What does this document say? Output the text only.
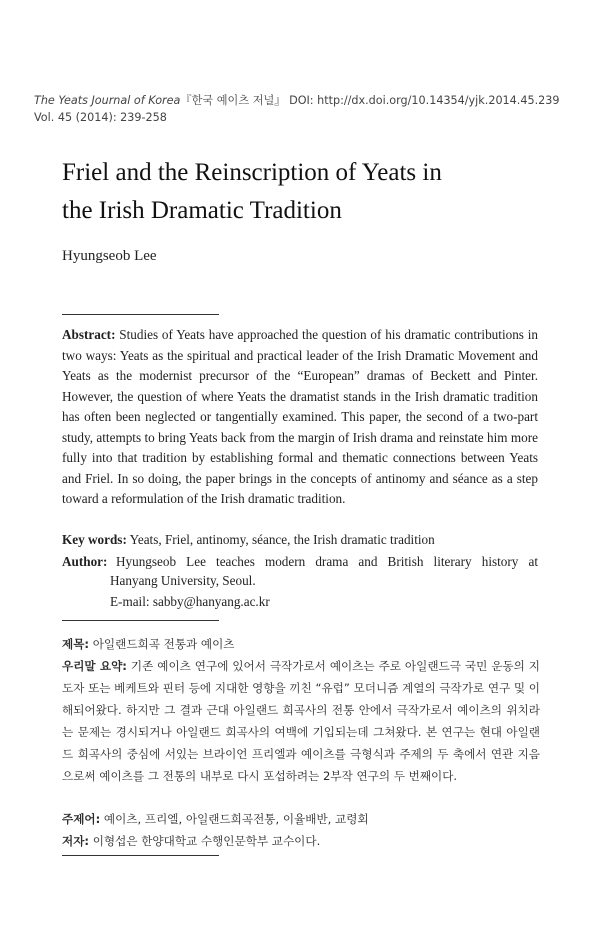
The Yeats Journal of Korea『한국 예이츠 저널』 DOI: http://dx.doi.org/10.14354/yjk.2014.45.239
Vol. 45 (2014): 239-258
Friel and the Reinscription of Yeats in
the Irish Dramatic Tradition
Hyungseob Lee

Abstract: Studies of Yeats have approached the question of his dramatic contributions in two ways: Yeats as the spiritual and practical leader of the Irish Dramatic Movement and Yeats as the modernist precursor of the “European” dramas of Beckett and Pinter. However, the question of where Yeats the dramatist stands in the Irish dramatic tradition has often been neglected or tangentially examined. This paper, the second of a two-part study, attempts to bring Yeats back from the margin of Irish drama and reinstate him more fully into that tradition by establishing formal and thematic connections between Yeats and Friel. In so doing, the paper brings in the concepts of antinomy and séance as a step toward a reformulation of the Irish dramatic tradition.

Key words: Yeats, Friel, antinomy, séance, the Irish dramatic tradition
Author: Hyungseob Lee teaches modern drama and British literary history at
Hanyang University, Seoul.
E-mail: sabby@hanyang.ac.kr
제목: 아일랜드희곡 전통과 예이츠
우리말 요약: 기존 예이츠 연구에 있어서 극작가로서 예이츠는 주로 아일랜드극 국민 운동의 지도자 또는 베케트와 핀터 등에 지대한 영향을 끼친 “유럽” 모더니즘 계열의 극작가로 연구 및 이해되어왔다. 하지만 그 결과 근대 아일랜드 희곡사의 전통 안에서 극작가로서 예이츠의 위치라는 문제는 경시되거나 아일랜드 희곡사의 여백에 기입되는데 그쳐왔다. 본 연구는 현대 아일랜드 희곡사의 중심에 서있는 브라이언 프리엘과 예이츠를 극형식과 주제의 두 축에서 연관 지음으로써 예이츠를 그 전통의 내부로 다시 포섭하려는 2부작 연구의 두 번째이다.
주제어: 예이츠, 프리엘, 아일랜드희곡전통, 이율배반, 교령회
저자: 이형섭은 한양대학교 수행인문학부 교수이다.
